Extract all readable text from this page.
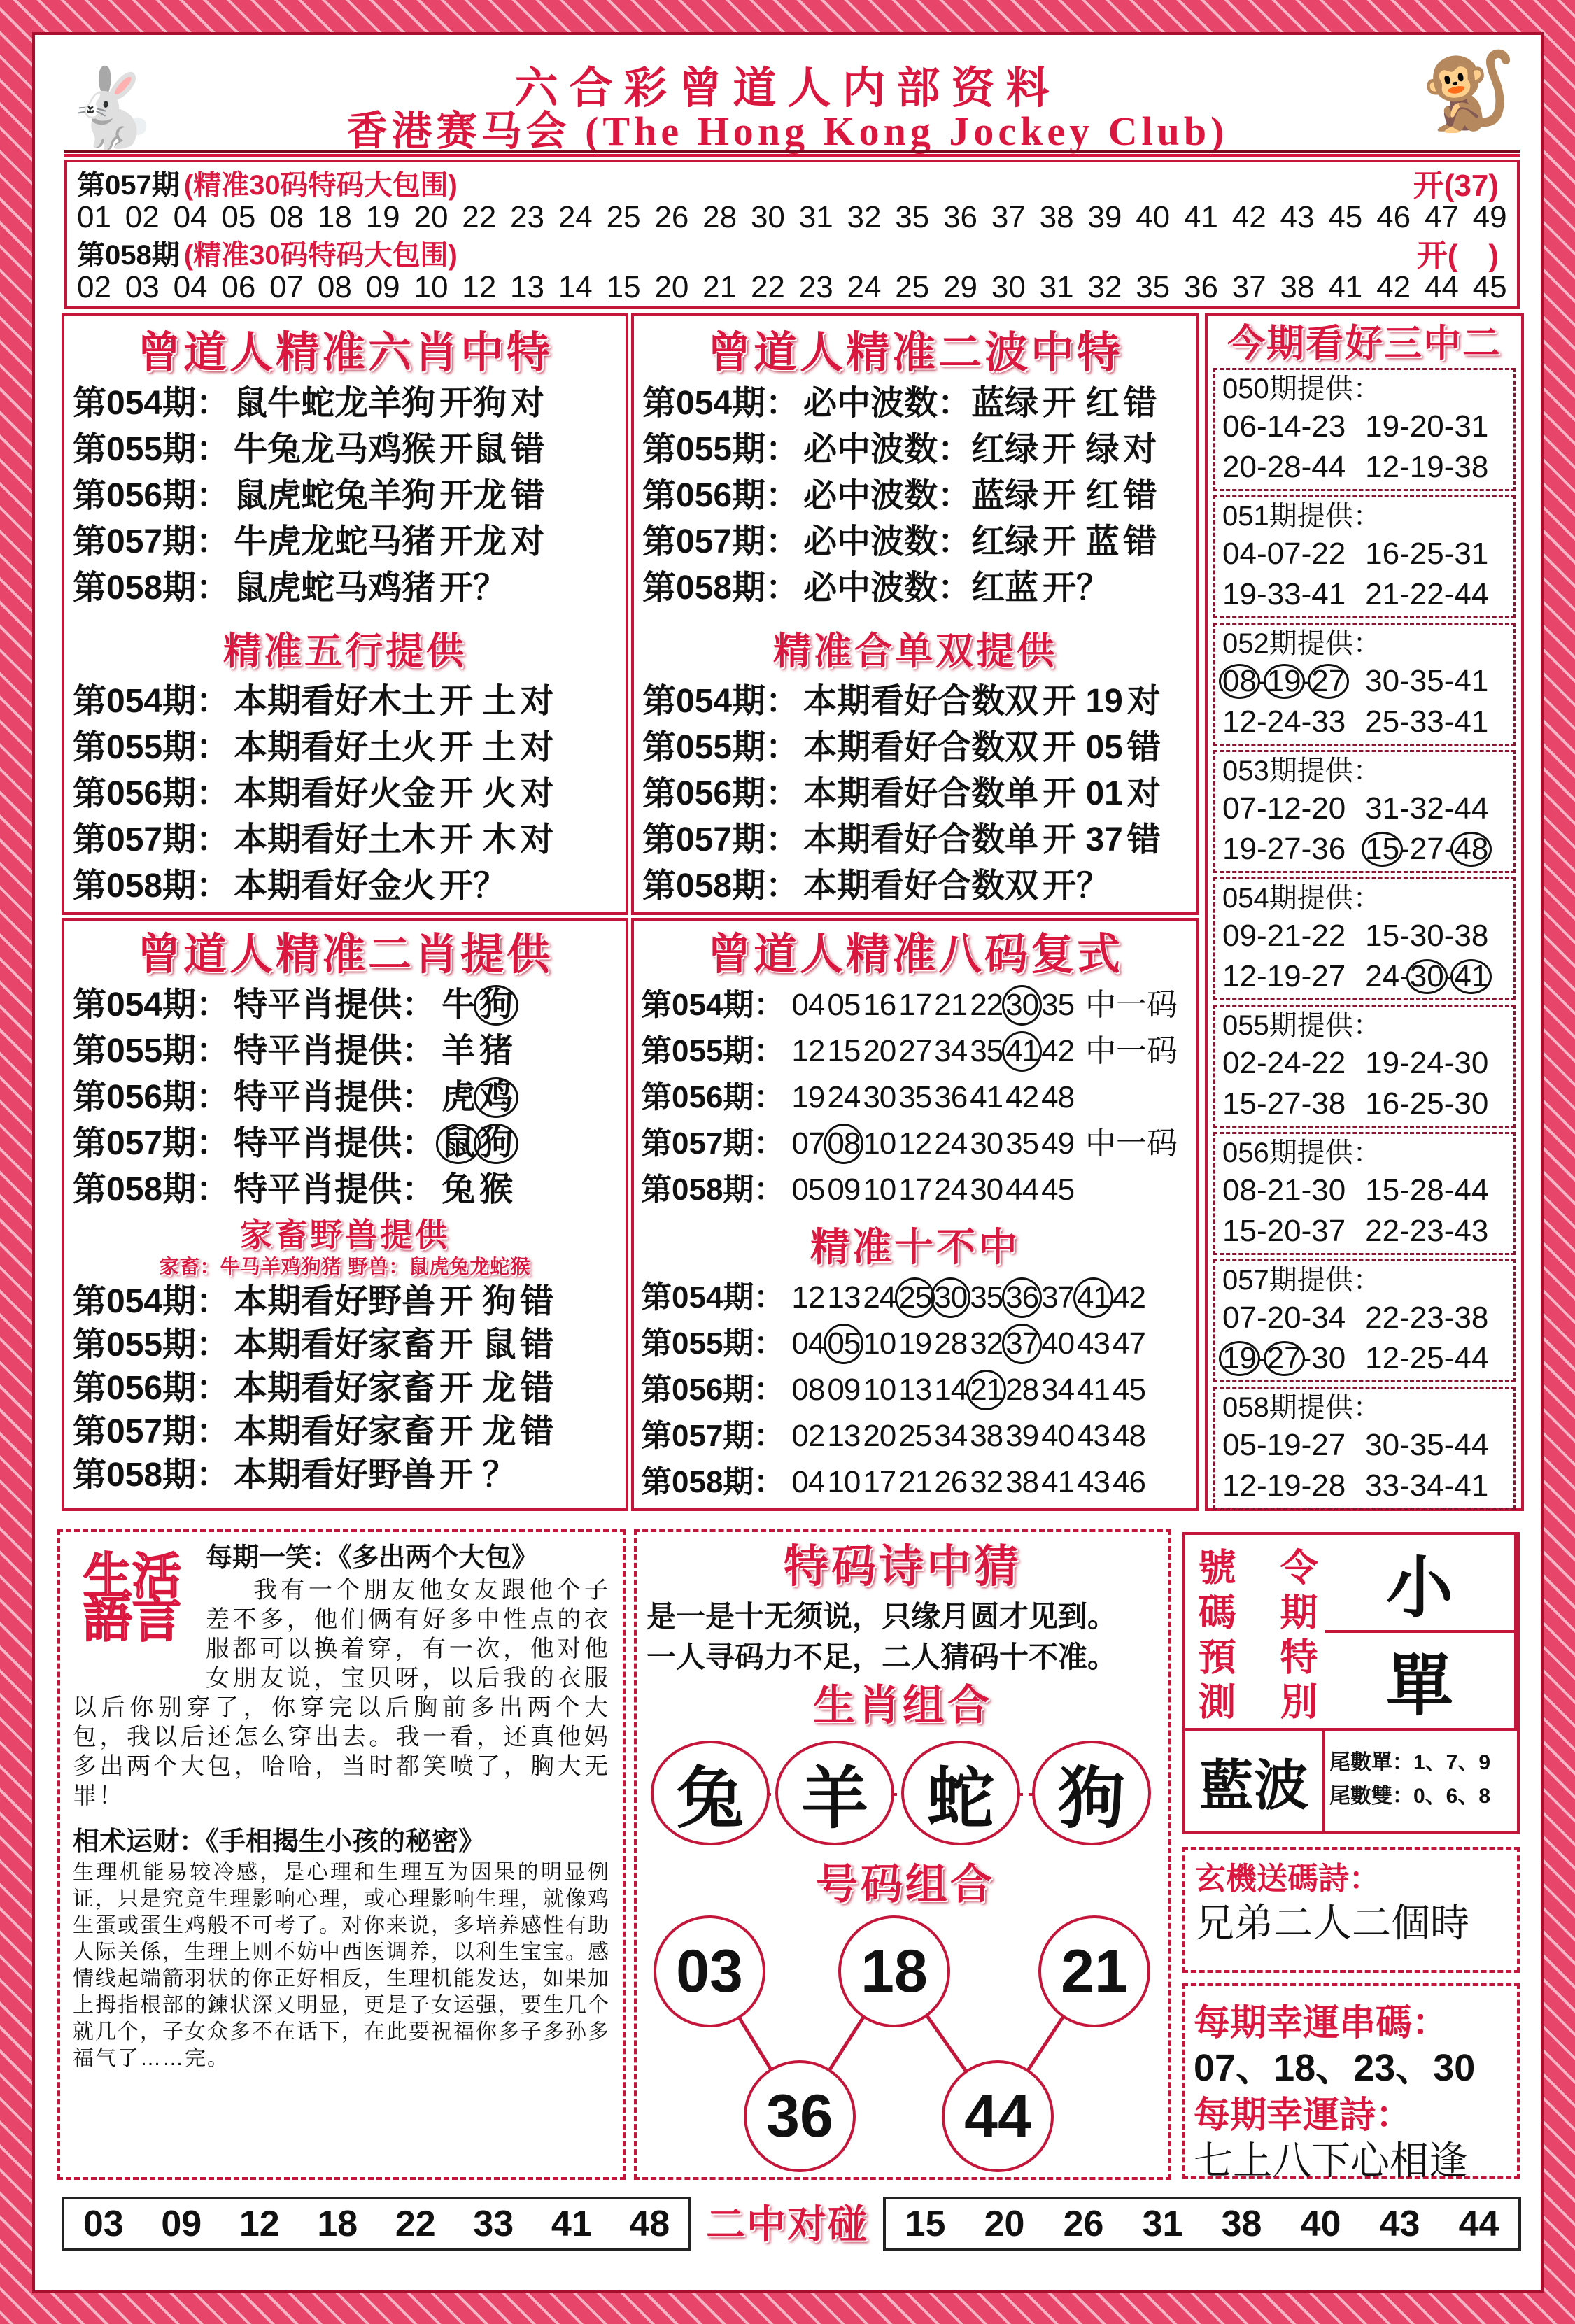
六合彩曾道人内部资料
香港赛马会 (The Hong Kong Jockey Club)
🐇	🐒
第057期 (精准30码特码大包围)	开(37)
01 02 04 05 08 18 19 20 22 23 24 25 26 28 30 31 32 35 36 37 38 39 40 41 42 43 45 46 47 49
第058期 (精准30码特码大包围)	开(　)
02 03 04 06 07 08 09 10 12 13 14 15 20 21 22 23 24 25 29 30 31 32 35 36 37 38 41 42 44 45
曾道人精准六肖中特
第054期： 鼠牛蛇龙羊狗 开狗 对
第055期： 牛兔龙马鸡猴 开鼠 错
第056期： 鼠虎蛇兔羊狗 开龙 错
第057期： 牛虎龙蛇马猪 开龙 对
第058期： 鼠虎蛇马鸡猪 开？
精准五行提供
第054期： 本期看好木土 开 土 对
第055期： 本期看好土火 开 土 对
第056期： 本期看好火金 开 火 对
第057期： 本期看好土木 开 木 对
第058期： 本期看好金火 开？
曾道人精准二波中特
第054期： 必中波数：蓝绿 开 红 错
第055期： 必中波数：红绿 开 绿 对
第056期： 必中波数：蓝绿 开 红 错
第057期： 必中波数：红绿 开 蓝 错
第058期： 必中波数：红蓝 开？
精准合单双提供
第054期： 本期看好合数双 开 19 对
第055期： 本期看好合数双 开 05 错
第056期： 本期看好合数单 开 01 对
第057期： 本期看好合数单 开 37 错
第058期： 本期看好合数双 开？
今期看好三中二
050期提供：
06-14-23 19-20-31
20-28-44 12-19-38
051期提供：
04-07-22 16-25-31
19-33-41 21-22-44
052期提供：
08-19-27 30-35-41
12-24-33 25-33-41
053期提供：
07-12-20 31-32-44
19-27-36 15-27-48
054期提供：
09-21-22 15-30-38
12-19-27 24-30-41
055期提供：
02-24-22 19-24-30
15-27-38 16-25-30
056期提供：
08-21-30 15-28-44
15-20-37 22-23-43
057期提供：
07-20-34 22-23-38
19-27-30 12-25-44
058期提供：
05-19-27 30-35-44
12-19-28 33-34-41
曾道人精准二肖提供
第054期： 特平肖提供： 牛 狗
第055期： 特平肖提供： 羊 猪
第056期： 特平肖提供： 虎 鸡
第057期： 特平肖提供： 鼠 狗
第058期： 特平肖提供： 兔 猴
家畜野兽提供
家畜：牛马羊鸡狗猪 野兽：鼠虎兔龙蛇猴
第054期： 本期看好野兽 开 狗 错
第055期： 本期看好家畜 开 鼠 错
第056期： 本期看好家畜 开 龙 错
第057期： 本期看好家畜 开 龙 错
第058期： 本期看好野兽 开 ？
曾道人精准八码复式
第054期： 04 05 16 17 21 22 30 35 中一码
第055期： 12 15 20 27 34 35 41 42 中一码
第056期： 19 24 30 35 36 41 42 48
第057期： 07 08 10 12 24 30 35 49 中一码
第058期： 05 09 10 17 24 30 44 45
精准十不中
第054期： 12 13 24 25 30 35 36 37 41 42
第055期： 04 05 10 19 28 32 37 40 43 47
第056期： 08 09 10 13 14 21 28 34 41 45
第057期： 02 13 20 25 34 38 39 40 43 48
第058期： 04 10 17 21 26 32 38 41 43 46
生活語言
每期一笑：《多出两个大包》
我有一个朋友他女友跟他个子差不多，他们俩有好多中性点的衣服都可以换着穿，有一次，他对他女朋友说，宝贝呀，以后我的衣服以后你别穿了，你穿完以后胸前多出两个大包，我以后还怎么穿出去。我一看，还真他妈多出两个大包，哈哈，当时都笑喷了，胸大无罪！
相术运财：《手相揭生小孩的秘密》
生理机能易较冷感，是心理和生理互为因果的明显例证，只是究竟生理影响心理，或心理影响生理，就像鸡生蛋或蛋生鸡般不可考了。对你来说，多培养感性有助人际关係，生理上则不妨中西医调养，以利生宝宝。感情线起端箭羽状的你正好相反，生理机能发达，如果加上拇指根部的鍊状深又明显，更是子女运强，要生几个就几个，子女众多不在话下，在此要祝福你多子多孙多福气了……完。
特码诗中猜
是一是十无须说，只缘月圆才见到。
一人寻码力不足，二人猜码十不准。
生肖组合
兔 羊 蛇 狗
号码组合
03	18	21
36	44
小
號碼預測 令期特別	單
藍波	尾數單：1、7、9
尾數雙：0、6、8
玄機送碼詩：
兄弟二人二個時
每期幸運串碼：
07、18、23、30
每期幸運詩：
七上八下心相逢
03 09 12 18 22 33 41 48 二中对碰	15 20 26 31 38 40 43 44
